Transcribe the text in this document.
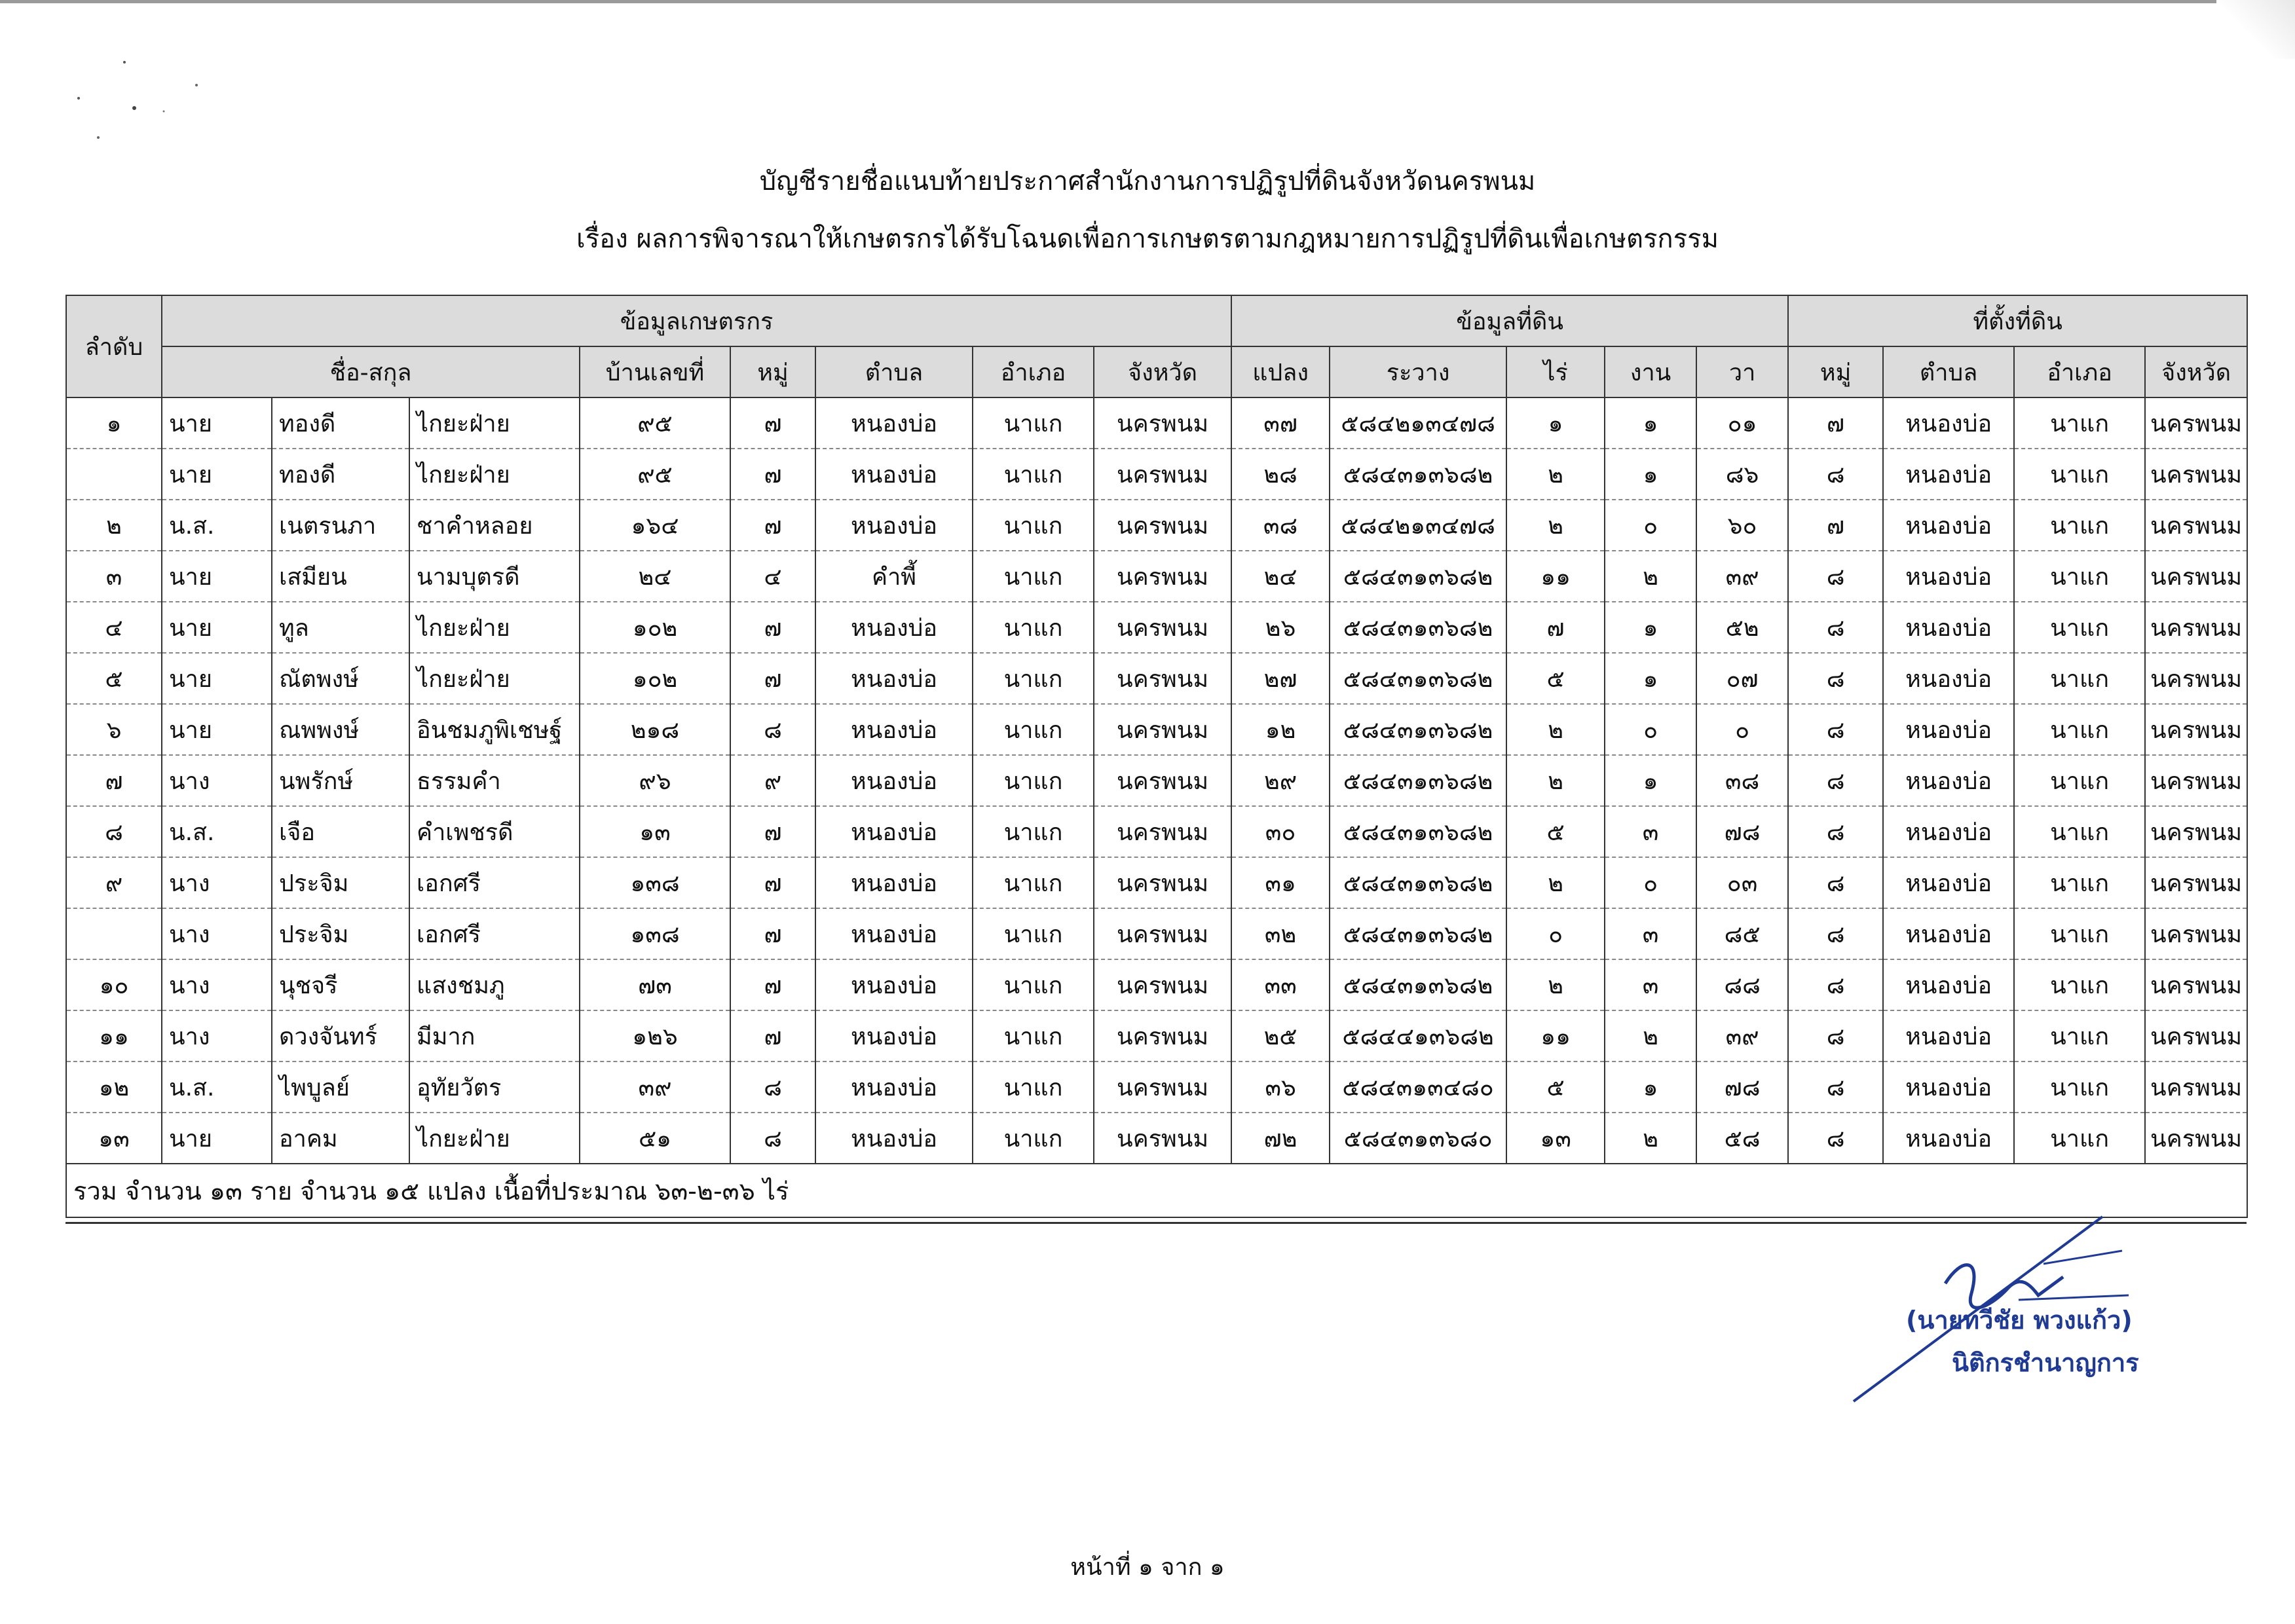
บัญชีรายชื่อแนบท้ายประกาศสำนักงานการปฏิรูปที่ดินจังหวัดนครพนม
เรื่อง ผลการพิจารณาให้เกษตรกรได้รับโฉนดเพื่อการเกษตรตามกฎหมายการปฏิรูปที่ดินเพื่อเกษตรกรรม
ลำดับ	ข้อมูลเกษตรกร								ข้อมูลที่ดิน					ที่ตั้งที่ดิน			
	ชื่อ-สกุล			บ้านเลขที่	หมู่	ตำบล	อำเภอ	จังหวัด	แปลง	ระวาง	ไร่	งาน	วา	หมู่	ตำบล	อำเภอ	จังหวัด
๑	นาย	ทองดี	ไกยะฝ่าย	๙๕	๗	หนองบ่อ	นาแก	นครพนม	๓๗	๕๘๔๒๑๓๔๗๘	๑	๑	๐๑	๗	หนองบ่อ	นาแก	นครพนม
	นาย	ทองดี	ไกยะฝ่าย	๙๕	๗	หนองบ่อ	นาแก	นครพนม	๒๘	๕๘๔๓๑๓๖๘๒	๒	๑	๘๖	๘	หนองบ่อ	นาแก	นครพนม
๒	น.ส.	เนตรนภา	ชาคำหลอย	๑๖๔	๗	หนองบ่อ	นาแก	นครพนม	๓๘	๕๘๔๒๑๓๔๗๘	๒	๐	๖๐	๗	หนองบ่อ	นาแก	นครพนม
๓	นาย	เสมียน	นามบุตรดี	๒๔	๔	คำพี้	นาแก	นครพนม	๒๔	๕๘๔๓๑๓๖๘๒	๑๑	๒	๓๙	๘	หนองบ่อ	นาแก	นครพนม
๔	นาย	ทูล	ไกยะฝ่าย	๑๐๒	๗	หนองบ่อ	นาแก	นครพนม	๒๖	๕๘๔๓๑๓๖๘๒	๗	๑	๕๒	๘	หนองบ่อ	นาแก	นครพนม
๕	นาย	ณัตพงษ์	ไกยะฝ่าย	๑๐๒	๗	หนองบ่อ	นาแก	นครพนม	๒๗	๕๘๔๓๑๓๖๘๒	๕	๑	๐๗	๘	หนองบ่อ	นาแก	นครพนม
๖	นาย	ณพพงษ์	อินชมภูพิเชษฐ์	๒๑๘	๘	หนองบ่อ	นาแก	นครพนม	๑๒	๕๘๔๓๑๓๖๘๒	๒	๐	๐	๘	หนองบ่อ	นาแก	นครพนม
๗	นาง	นพรักษ์	ธรรมคำ	๙๖	๙	หนองบ่อ	นาแก	นครพนม	๒๙	๕๘๔๓๑๓๖๘๒	๒	๑	๓๘	๘	หนองบ่อ	นาแก	นครพนม
๘	น.ส.	เจือ	คำเพชรดี	๑๓	๗	หนองบ่อ	นาแก	นครพนม	๓๐	๕๘๔๓๑๓๖๘๒	๕	๓	๗๘	๘	หนองบ่อ	นาแก	นครพนม
๙	นาง	ประจิม	เอกศรี	๑๓๘	๗	หนองบ่อ	นาแก	นครพนม	๓๑	๕๘๔๓๑๓๖๘๒	๒	๐	๐๓	๘	หนองบ่อ	นาแก	นครพนม
	นาง	ประจิม	เอกศรี	๑๓๘	๗	หนองบ่อ	นาแก	นครพนม	๓๒	๕๘๔๓๑๓๖๘๒	๐	๓	๘๕	๘	หนองบ่อ	นาแก	นครพนม
๑๐	นาง	นุชจรี	แสงชมภู	๗๓	๗	หนองบ่อ	นาแก	นครพนม	๓๓	๕๘๔๓๑๓๖๘๒	๒	๓	๘๘	๘	หนองบ่อ	นาแก	นครพนม
๑๑	นาง	ดวงจันทร์	มีมาก	๑๒๖	๗	หนองบ่อ	นาแก	นครพนม	๒๕	๕๘๔๔๑๓๖๘๒	๑๑	๒	๓๙	๘	หนองบ่อ	นาแก	นครพนม
๑๒	น.ส.	ไพบูลย์	อุทัยวัตร	๓๙	๘	หนองบ่อ	นาแก	นครพนม	๓๖	๕๘๔๓๑๓๔๘๐	๕	๑	๗๘	๘	หนองบ่อ	นาแก	นครพนม
๑๓	นาย	อาคม	ไกยะฝ่าย	๕๑	๘	หนองบ่อ	นาแก	นครพนม	๗๒	๕๘๔๓๑๓๖๘๐	๑๓	๒	๕๘	๘	หนองบ่อ	นาแก	นครพนม
รวม จำนวน ๑๓ ราย จำนวน ๑๕ แปลง เนื้อที่ประมาณ ๖๓-๒-๓๖ ไร่																	
(นายทวีชัย พวงแก้ว)
นิติกรชำนาญการ
หน้าที่ ๑ จาก ๑
